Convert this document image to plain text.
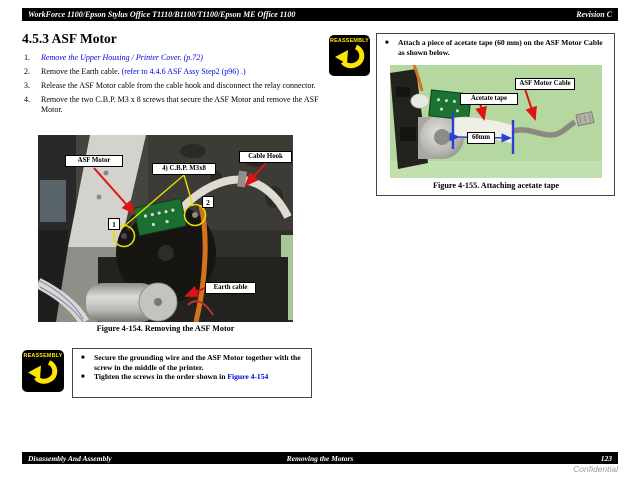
WorkForce 1100/Epson Stylus Office T1110/B1100/T1100/Epson ME Office 1100	Revision C
4.5.3 ASF Motor
1.	Remove the Upper Housing / Printer Cover. (p.72)
2.	Remove the Earth cable. (refer to 4.4.6 ASF Assy Step2 (p96) .)
3.	Release the ASF Motor cable from the cable hook and disconnect the relay connector.
4.	Remove the two C.B.P. M3 x 8 screws that secure the ASF Motor and remove the ASF Motor.
ASF Motor
4) C.B.P. M3x8
Cable Hook
1
2
Earth cable
Figure 4-154. Removing the ASF Motor
REASSEMBLY	■	Attach a piece of acetate tape (60 mm) on the ASF Motor Cable as shown below.
ASF Motor Cable
Acetate tape
60mm
Figure 4-155. Attaching acetate tape
REASSEMBLY	■	Secure the grounding wire and the ASF Motor together with the screw in the middle of the printer.
■	Tighten the screws in the order shown in Figure 4-154
Disassembly And Assembly	Removing the Motors	123
Confidential
